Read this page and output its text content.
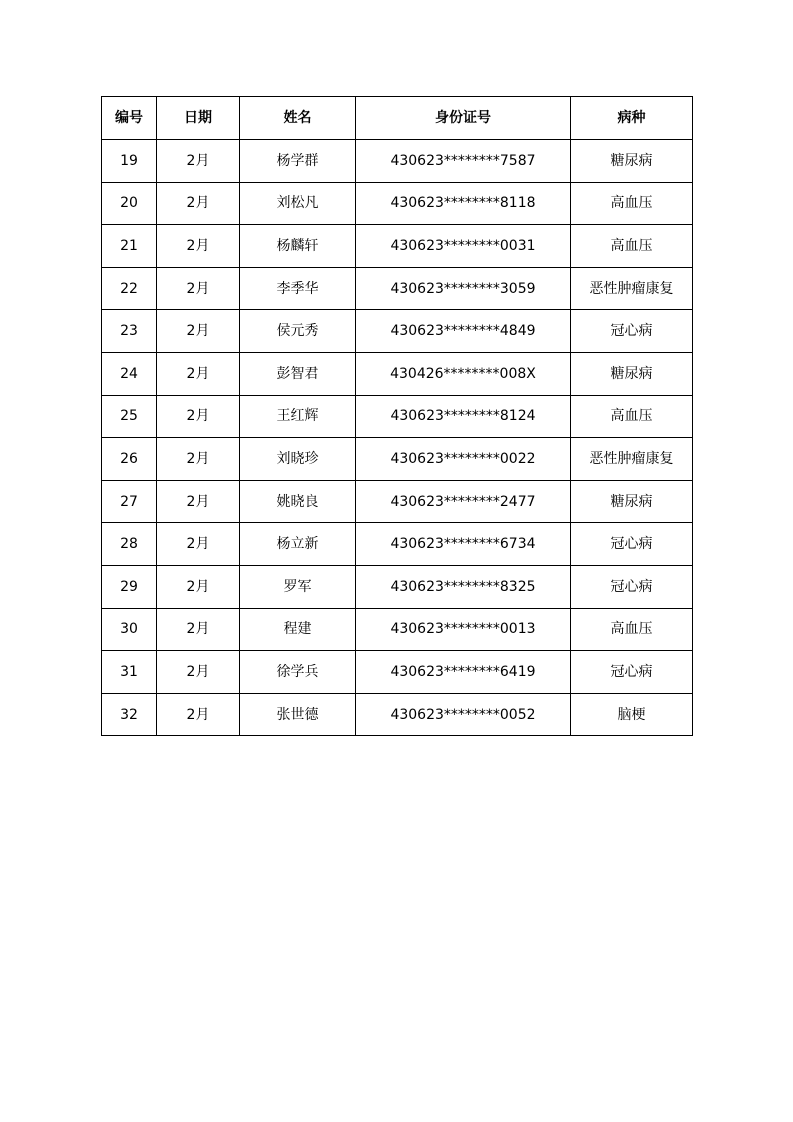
编号	日期	姓名	身份证号	病种
19	2月	杨学群	430623********7587	糖尿病
20	2月	刘松凡	430623********8118	高血压
21	2月	杨麟轩	430623********0031	高血压
22	2月	李季华	430623********3059	恶性肿瘤康复
23	2月	侯元秀	430623********4849	冠心病
24	2月	彭智君	430426********008X	糖尿病
25	2月	王红辉	430623********8124	高血压
26	2月	刘晓珍	430623********0022	恶性肿瘤康复
27	2月	姚晓良	430623********2477	糖尿病
28	2月	杨立新	430623********6734	冠心病
29	2月	罗军	430623********8325	冠心病
30	2月	程建	430623********0013	高血压
31	2月	徐学兵	430623********6419	冠心病
32	2月	张世德	430623********0052	脑梗
